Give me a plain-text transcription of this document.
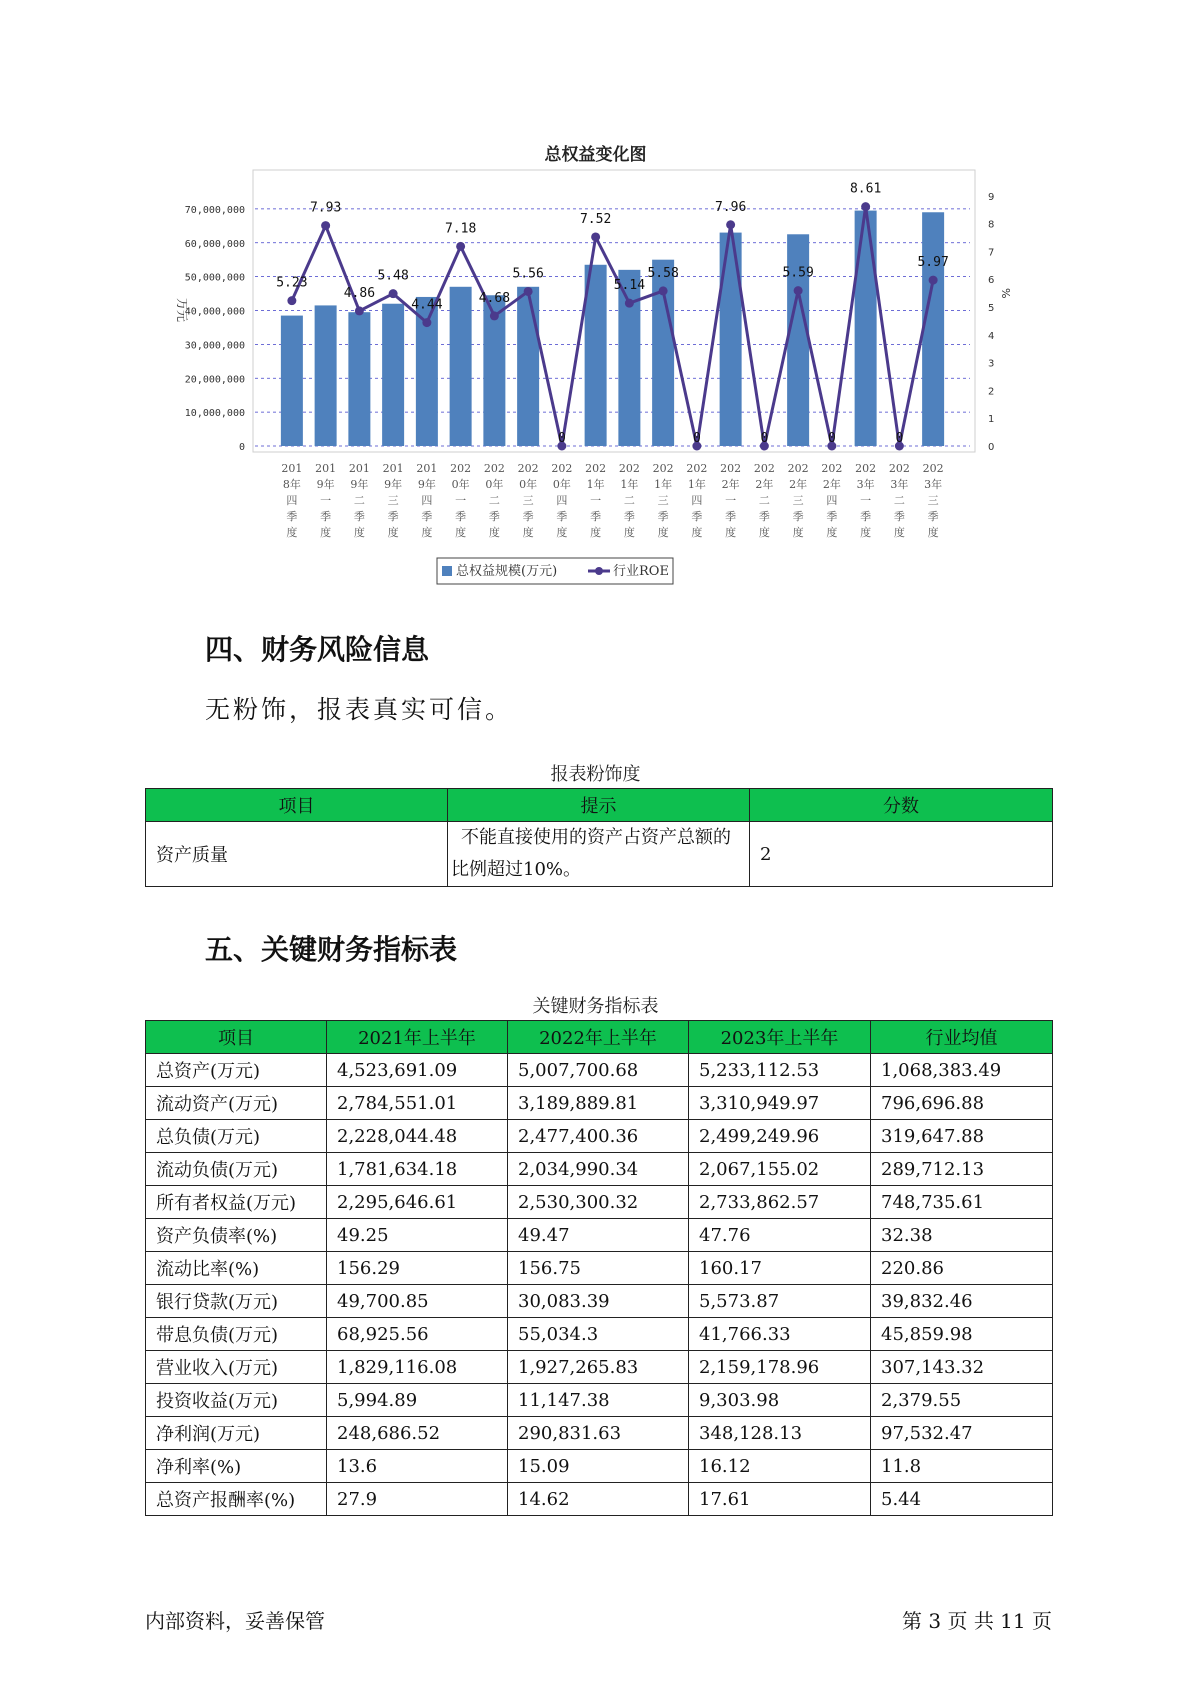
总权益变化图
0
10,000,000
20,000,000
30,000,000
40,000,000
50,000,000
60,000,000
70,000,000
0
1
2
3
4
5
6
7
8
9
万元
%
5.23
7.93
4.86
5.48
4.44
7.18
4.68
5.56
0
7.52
5.14
5.58
0
7.96
0
5.59
0
8.61
0
5.97
201
8年
四
季
度
201
9年
一
季
度
201
9年
二
季
度
201
9年
三
季
度
201
9年
四
季
度
202
0年
一
季
度
202
0年
二
季
度
202
0年
三
季
度
202
0年
四
季
度
202
1年
一
季
度
202
1年
二
季
度
202
1年
三
季
度
202
1年
四
季
度
202
2年
一
季
度
202
2年
二
季
度
202
2年
三
季
度
202
2年
四
季
度
202
3年
一
季
度
202
3年
二
季
度
202
3年
三
季
度
总权益规模(万元)	行业ROE
四、财务风险信息
无粉饰，报表真实可信。
报表粉饰度
项目	提示	分数
资产质量	不能直接使用的资产占资产总额的比例超过10%。	2
五、关键财务指标表
关键财务指标表
项目	2021年上半年	2022年上半年	2023年上半年	行业均值
总资产(万元)	4,523,691.09	5,007,700.68	5,233,112.53	1,068,383.49
流动资产(万元)	2,784,551.01	3,189,889.81	3,310,949.97	796,696.88
总负债(万元)	2,228,044.48	2,477,400.36	2,499,249.96	319,647.88
流动负债(万元)	1,781,634.18	2,034,990.34	2,067,155.02	289,712.13
所有者权益(万元)	2,295,646.61	2,530,300.32	2,733,862.57	748,735.61
资产负债率(%)	49.25	49.47	47.76	32.38
流动比率(%)	156.29	156.75	160.17	220.86
银行贷款(万元)	49,700.85	30,083.39	5,573.87	39,832.46
带息负债(万元)	68,925.56	55,034.3	41,766.33	45,859.98
营业收入(万元)	1,829,116.08	1,927,265.83	2,159,178.96	307,143.32
投资收益(万元)	5,994.89	11,147.38	9,303.98	2,379.55
净利润(万元)	248,686.52	290,831.63	348,128.13	97,532.47
净利率(%)	13.6	15.09	16.12	11.8
总资产报酬率(%)	27.9	14.62	17.61	5.44
内部资料，妥善保管	第 3 页 共 11 页
